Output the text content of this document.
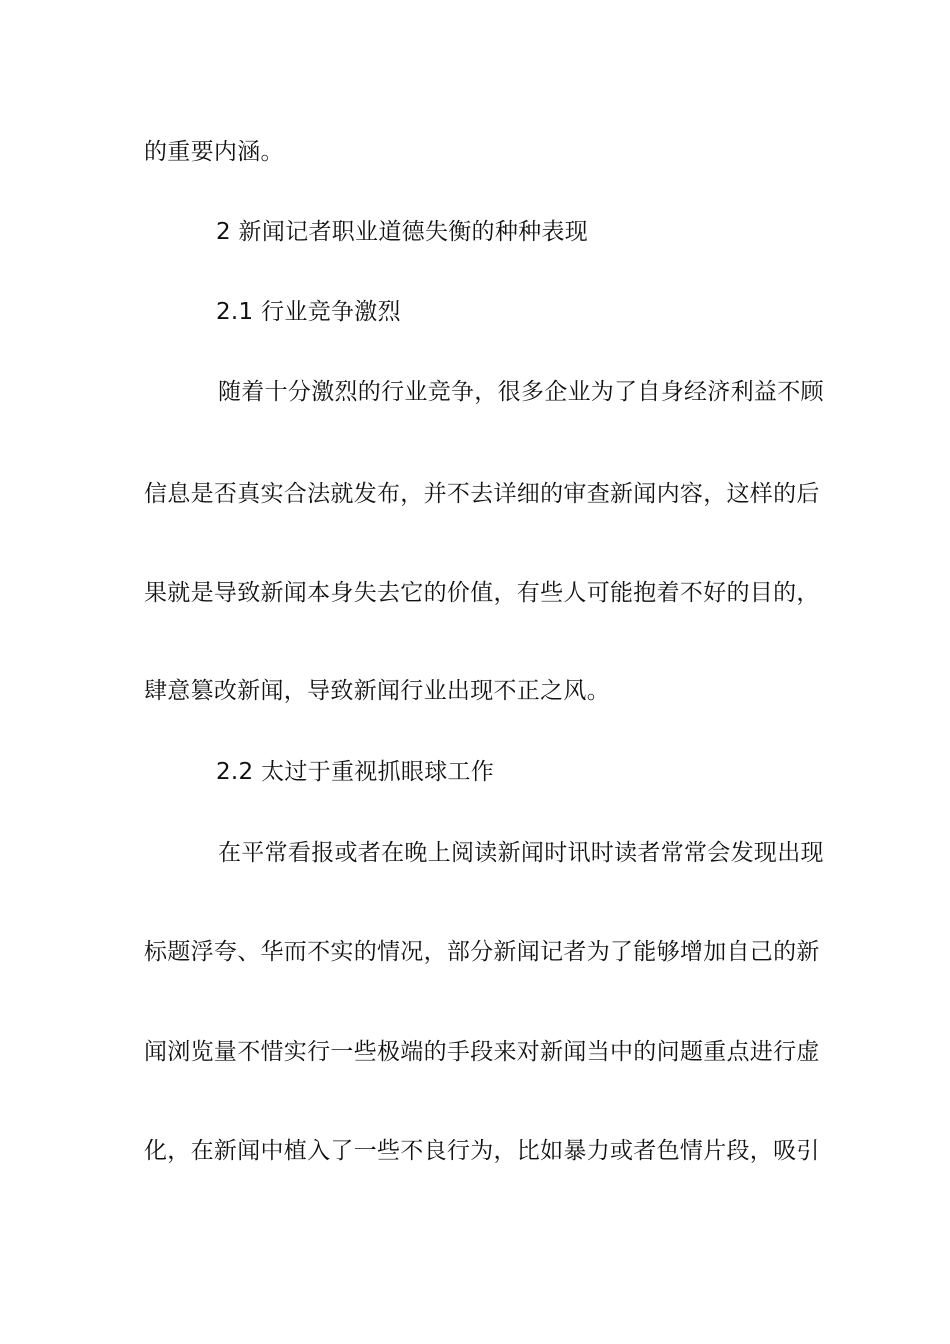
的重要内涵。
2 新闻记者职业道德失衡的种种表现
2.1 行业竞争激烈
随着十分激烈的行业竞争，很多企业为了自身经济利益不顾
信息是否真实合法就发布，并不去详细的审查新闻内容，这样的后
果就是导致新闻本身失去它的价值，有些人可能抱着不好的目的，
肆意篡改新闻，导致新闻行业出现不正之风。
2.2 太过于重视抓眼球工作
在平常看报或者在晚上阅读新闻时讯时读者常常会发现出现
标题浮夸、华而不实的情况，部分新闻记者为了能够增加自己的新
闻浏览量不惜实行一些极端的手段来对新闻当中的问题重点进行虚
化，在新闻中植入了一些不良行为，比如暴力或者色情片段，吸引
